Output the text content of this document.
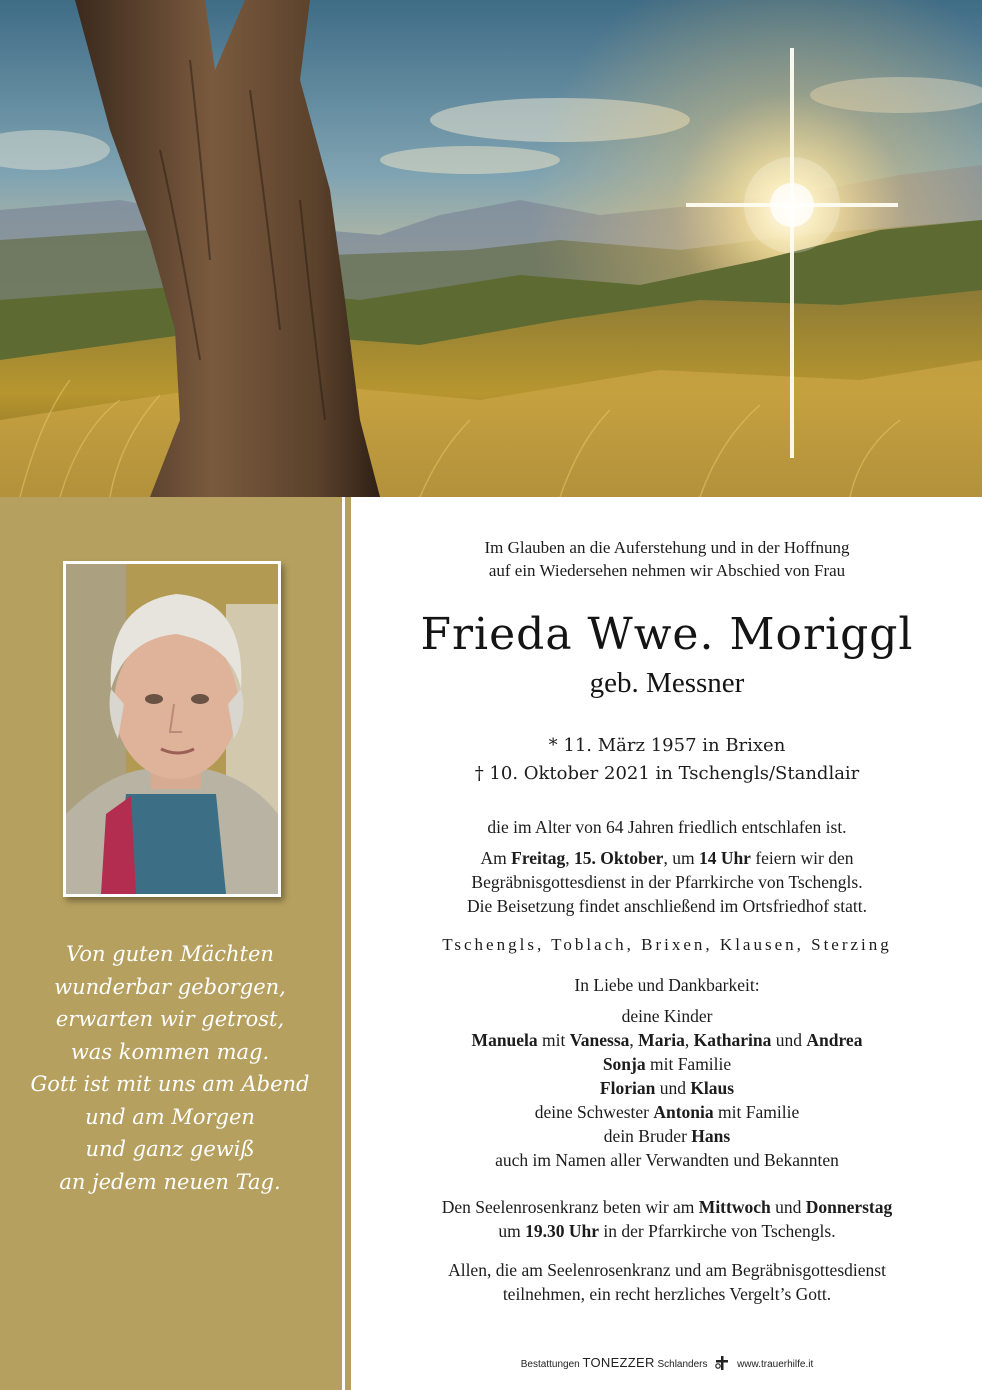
Von guten Mächten
wunderbar geborgen,
erwarten wir getrost,
was kommen mag.
Gott ist mit uns am Abend
und am Morgen
und ganz gewiß
an jedem neuen Tag.
Im Glauben an die Auferstehung und in der Hoffnung
auf ein Wiedersehen nehmen wir Abschied von Frau
Frieda Wwe. Moriggl
geb. Messner
* 11. März 1957 in Brixen
† 10. Oktober 2021 in Tschengls/Standlair
die im Alter von 64 Jahren friedlich entschlafen ist.
Am Freitag, 15. Oktober, um 14 Uhr feiern wir den
Begräbnisgottesdienst in der Pfarrkirche von Tschengls.
Die Beisetzung findet anschließend im Ortsfriedhof statt.
Tschengls, Toblach, Brixen, Klausen, Sterzing
In Liebe und Dankbarkeit:
deine Kinder
Manuela mit Vanessa, Maria, Katharina und Andrea
Sonja mit Familie
Florian und Klaus
deine Schwester Antonia mit Familie
dein Bruder Hans
auch im Namen aller Verwandten und Bekannten
Den Seelenrosenkranz beten wir am Mittwoch und Donnerstag
um 19.30 Uhr in der Pfarrkirche von Tschengls.
Allen, die am Seelenrosenkranz und am Begräbnisgottesdienst
teilnehmen, ein recht herzliches Vergelt’s Gott.
Bestattungen TONEZZER Schlanders	www.trauerhilfe.it
